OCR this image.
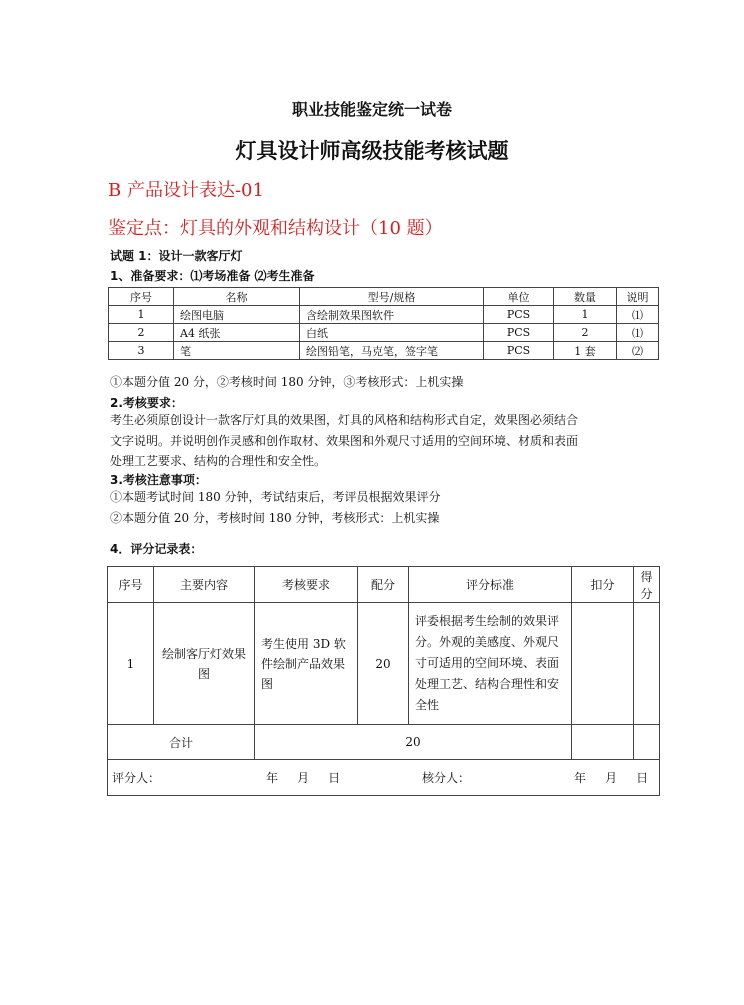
职业技能鉴定统一试卷
灯具设计师高级技能考核试题
B 产品设计表达-01
鉴定点：灯具的外观和结构设计（10 题）
试题 1：设计一款客厅灯
1、准备要求：⑴考场准备 ⑵考生准备
序号	名称	型号/规格	单位	数量	说明
1	绘图电脑	含绘制效果图软件	PCS	1	⑴
2	A4 纸张	白纸	PCS	2	⑴
3	笔	绘图铅笔，马克笔，签字笔	PCS	1 套	⑵
①本题分值 20 分，②考核时间 180 分钟，③考核形式：上机实操
2.考核要求：
考生必须原创设计一款客厅灯具的效果图，灯具的风格和结构形式自定，效果图必须结合
文字说明。并说明创作灵感和创作取材、效果图和外观尺寸适用的空间环境、材质和表面
处理工艺要求、结构的合理性和安全性。
3.考核注意事项：
①本题考试时间 180 分钟，考试结束后，考评员根据效果评分
②本题分值 20 分，考核时间 180 分钟，考核形式：上机实操
4．评分记录表：
序号	主要内容	考核要求	配分	评分标准	扣分	得分
1	绘制客厅灯效果图	考生使用 3D 软件绘制产品效果图	20	评委根据考生绘制的效果评分。外观的美感度、外观尺寸可适用的空间环境、表面处理工艺、结构合理性和安全性		
合计		20				

评分人： 年     月     日 核分人： 年     月     日						
